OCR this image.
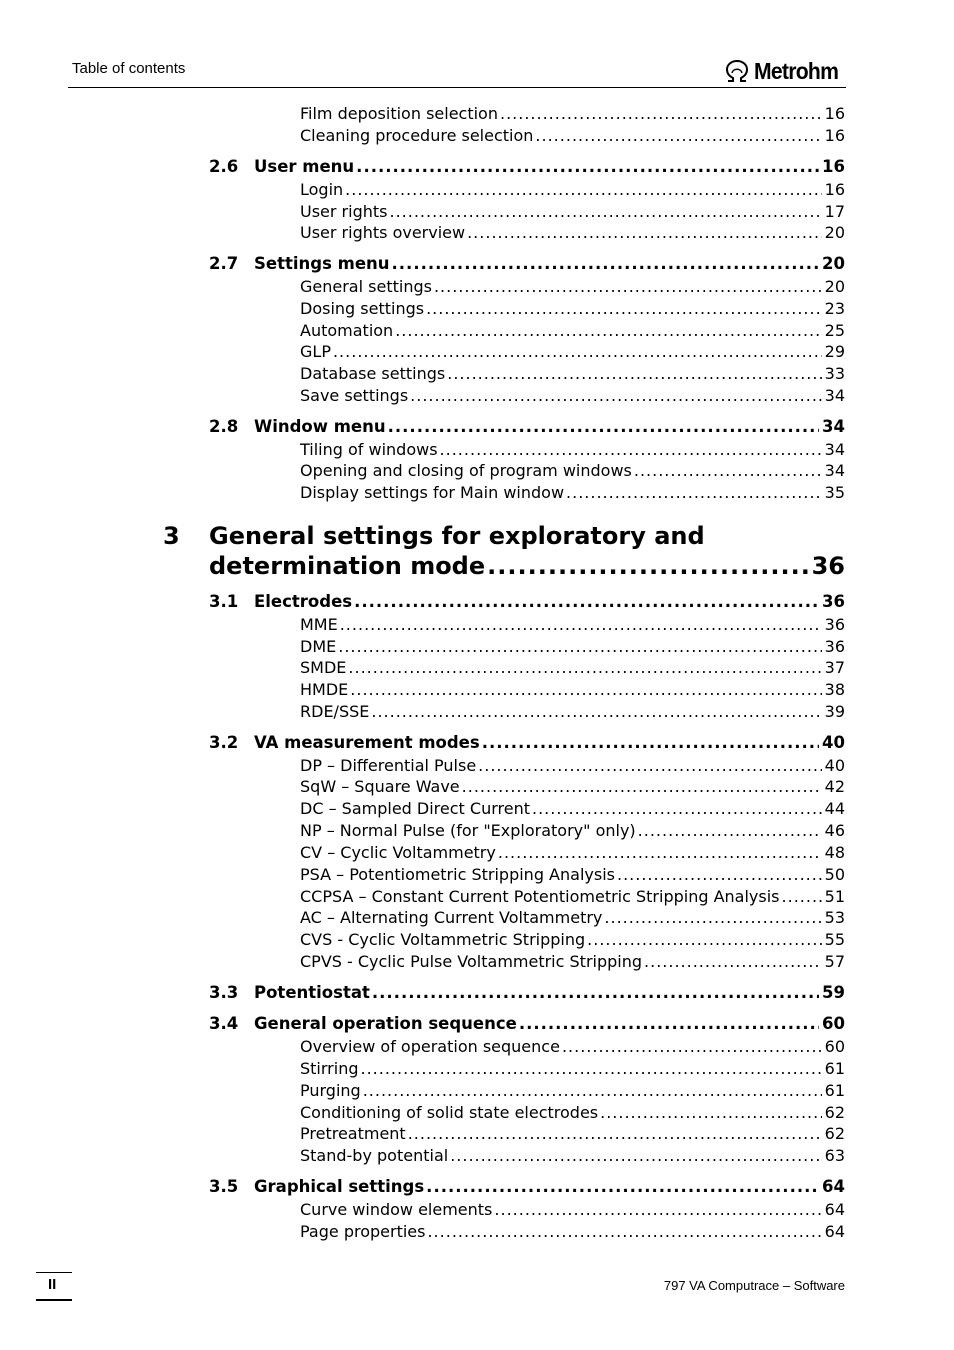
Table of contents	Metrohm
Film deposition selection .....	16
Cleaning procedure selection .....	16
2.6 User menu .....	16
Login .....	16
User rights .....	17
User rights overview .....	20
2.7 Settings menu .....	20
General settings .....	20
Dosing settings .....	23
Automation .....	25
GLP .....	29
Database settings .....	33
Save settings .....	34
2.8 Window menu .....	34
Tiling of windows .....	34
Opening and closing of program windows .....	34
Display settings for Main window .....	35
3 General settings for exploratory and
determination mode .....	36
3.1 Electrodes .....	36
MME .....	36
DME .....	36
SMDE .....	37
HMDE .....	38
RDE/SSE .....	39
3.2 VA measurement modes .....	40
DP – Differential Pulse .....	40
SqW – Square Wave .....	42
DC – Sampled Direct Current .....	44
NP – Normal Pulse (for "Exploratory" only) .....	46
CV – Cyclic Voltammetry .....	48
PSA – Potentiometric Stripping Analysis .....	50
CCPSA – Constant Current Potentiometric Stripping Analysis .....	51
AC – Alternating Current Voltammetry .....	53
CVS - Cyclic Voltammetric Stripping .....	55
CPVS - Cyclic Pulse Voltammetric Stripping .....	57
3.3 Potentiostat .....	59
3.4 General operation sequence .....	60
Overview of operation sequence .....	60
Stirring .....	61
Purging .....	61
Conditioning of solid state electrodes .....	62
Pretreatment .....	62
Stand-by potential .....	63
3.5 Graphical settings .....	64
Curve window elements .....	64
Page properties .....	64
II	797 VA Computrace – Software
